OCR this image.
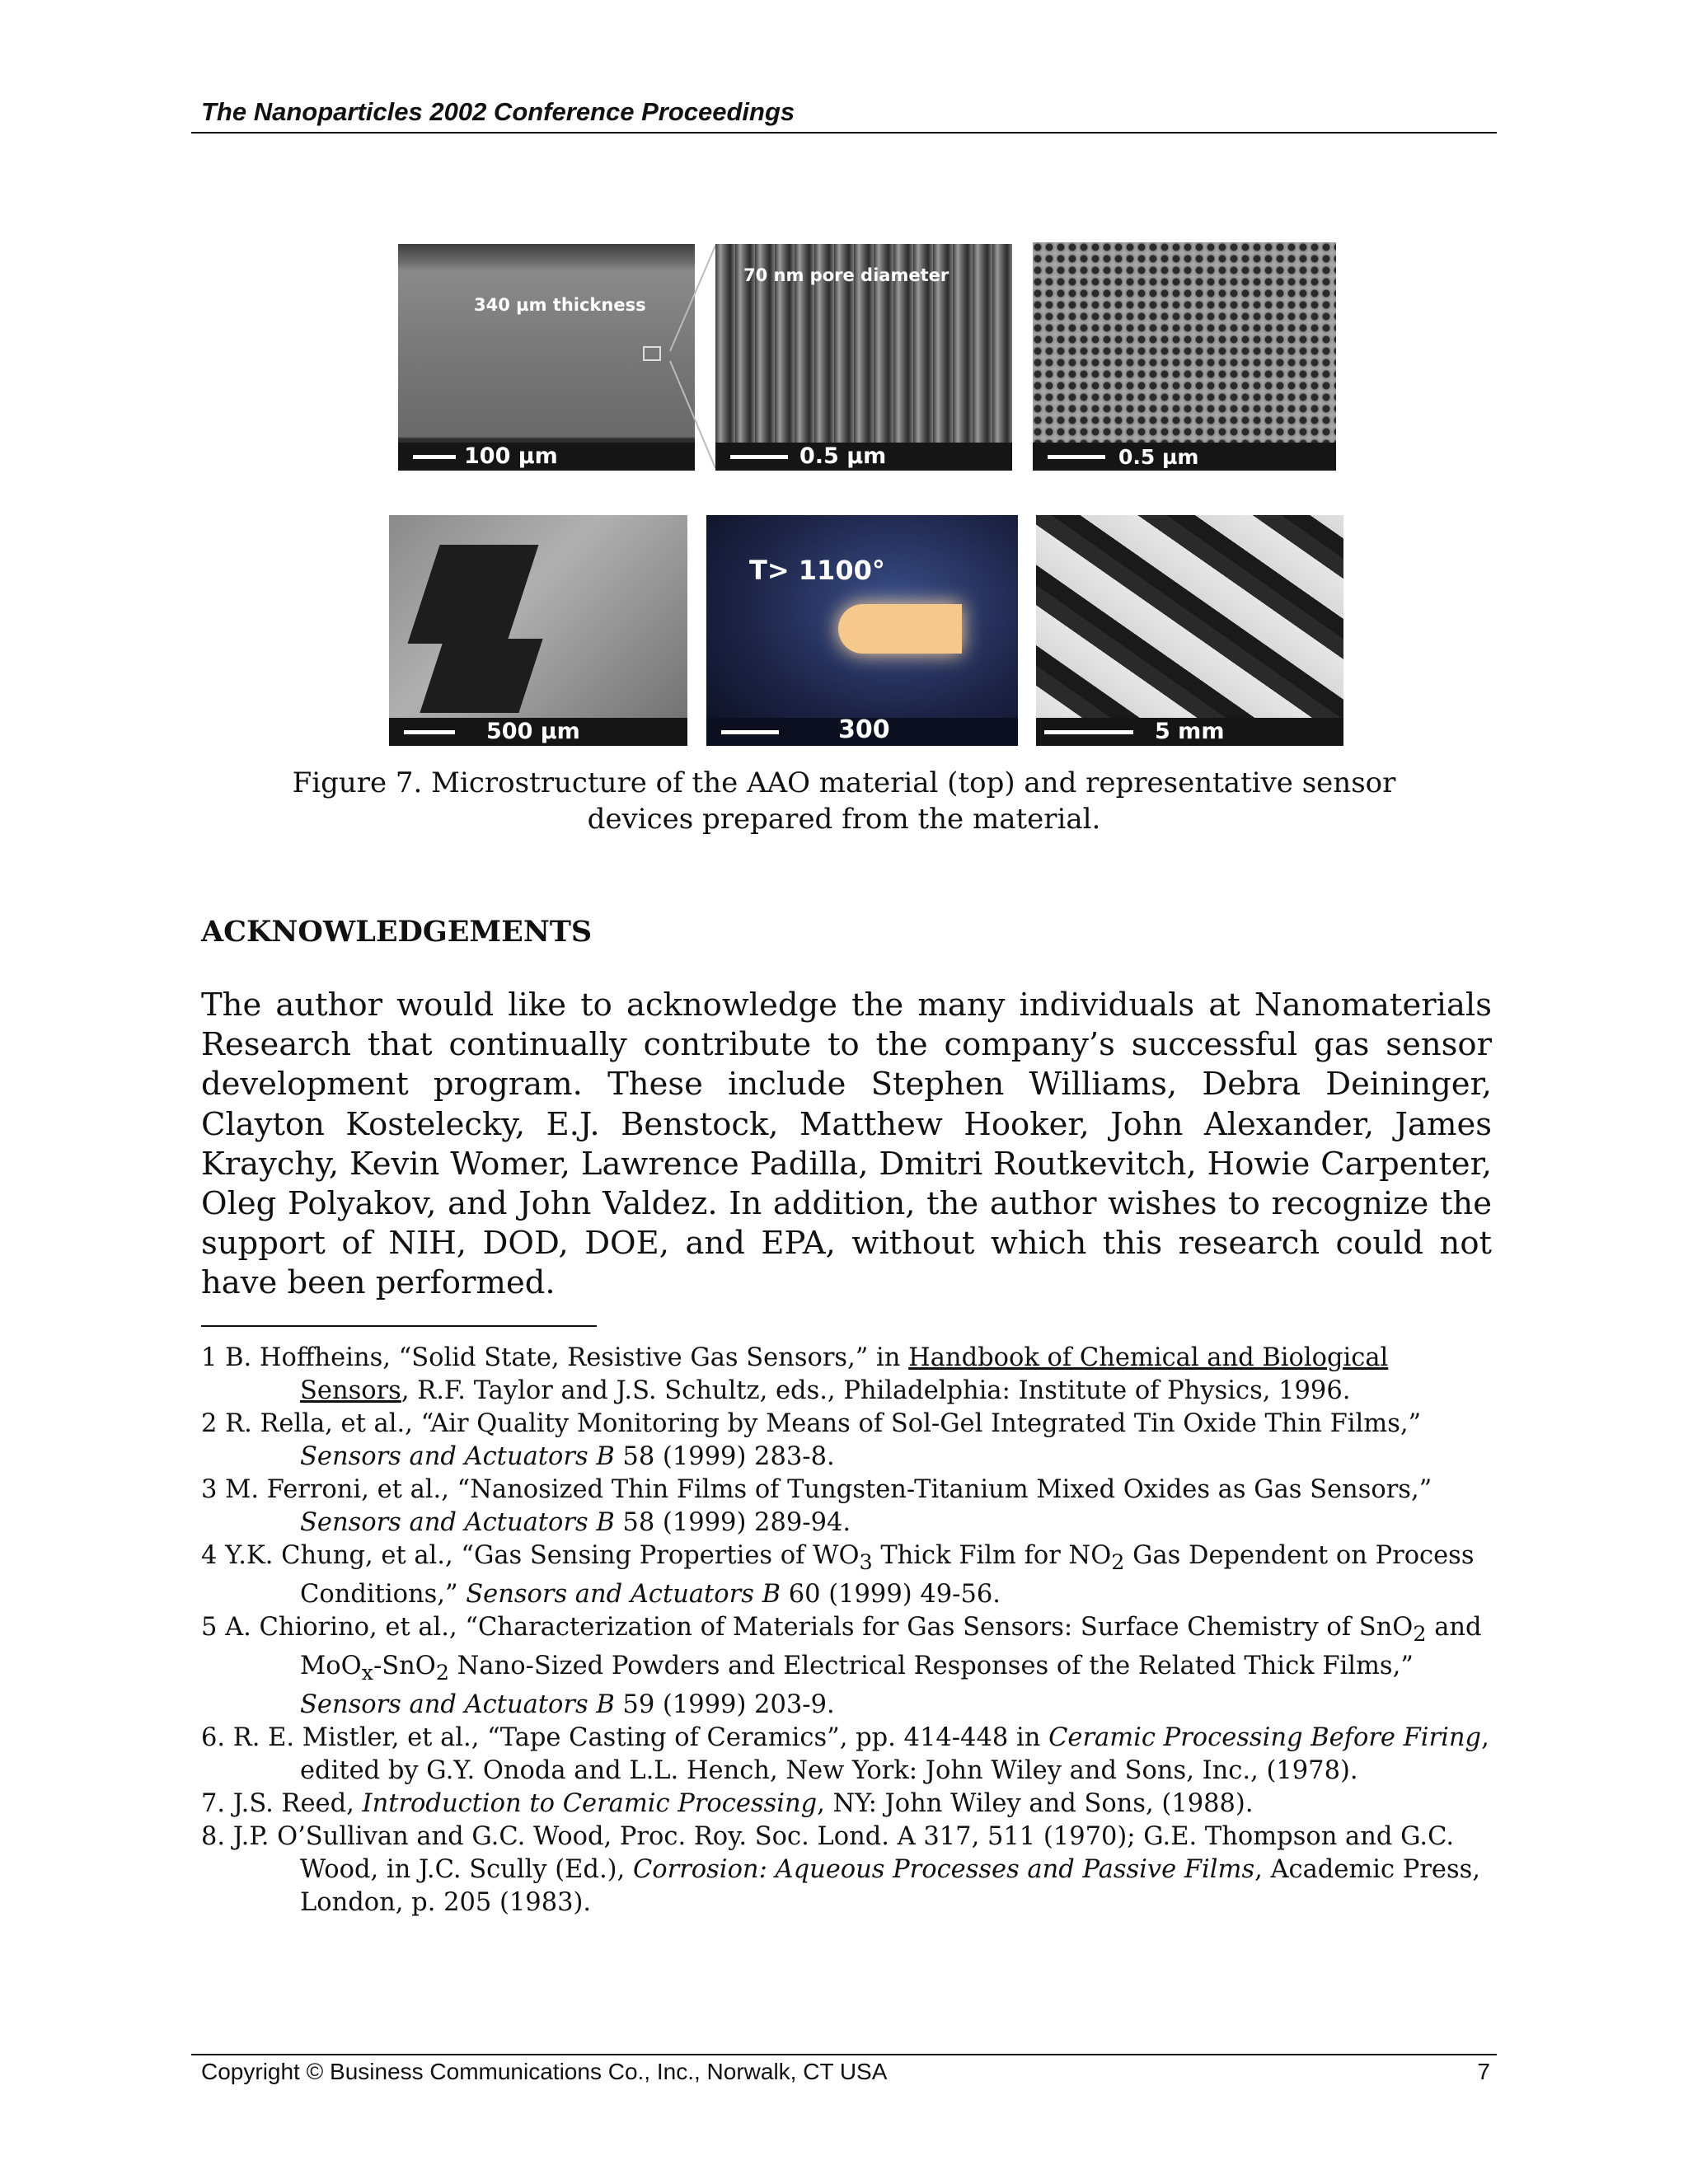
The Nanoparticles 2002 Conference Proceedings
340 µm thickness
100 µm
70 nm pore diameter
0.5 µm	0.5 µm
500 µm
T> 1100°
300	5 mm
Figure 7. Microstructure of the AAO material (top) and representative sensor
devices prepared from the material.
ACKNOWLEDGEMENTS
The author would like to acknowledge the many individuals at Nanomaterials Research that continually contribute to the company’s successful gas sensor development program. These include Stephen Williams, Debra Deininger, Clayton Kostelecky, E.J. Benstock, Matthew Hooker, John Alexander, James Kraychy, Kevin Womer, Lawrence Padilla, Dmitri Routkevitch, Howie Carpenter, Oleg Polyakov, and John Valdez. In addition, the author wishes to recognize the support of NIH, DOD, DOE, and EPA, without which this research could not have been performed.

1 B. Hoffheins, “Solid State, Resistive Gas Sensors,” in Handbook of Chemical and Biological Sensors, R.F. Taylor and J.S. Schultz, eds., Philadelphia: Institute of Physics, 1996.

2 R. Rella, et al., “Air Quality Monitoring by Means of Sol-Gel Integrated Tin Oxide Thin Films,” Sensors and Actuators B 58 (1999) 283-8.

3 M. Ferroni, et al., “Nanosized Thin Films of Tungsten-Titanium Mixed Oxides as Gas Sensors,” Sensors and Actuators B 58 (1999) 289-94.

4 Y.K. Chung, et al., “Gas Sensing Properties of $WO_3$ Thick Film for $NO_2$ Gas Dependent on Process Conditions,” Sensors and Actuators B 60 (1999) 49-56.

5 A. Chiorino, et al., “Characterization of Materials for Gas Sensors: Surface Chemistry of SnO$_2$ and MoO$_x$-SnO$_2$ Nano-Sized Powders and Electrical Responses of the Related Thick Films,” Sensors and Actuators B 59 (1999) 203-9.

6. R. E. Mistler, et al., “Tape Casting of Ceramics”, pp. 414-448 in Ceramic Processing Before Firing, edited by G.Y. Onoda and L.L. Hench, New York: John Wiley and Sons, Inc., (1978).

7. J.S. Reed, Introduction to Ceramic Processing, NY: John Wiley and Sons, (1988).

8. J.P. O’Sullivan and G.C. Wood, Proc. Roy. Soc. Lond. A 317, 511 (1970); G.E. Thompson and G.C. Wood, in J.C. Scully (Ed.), Corrosion: Aqueous Processes and Passive Films, Academic Press, London, p. 205 (1983).

Copyright © Business Communications Co., Inc., Norwalk, CT USA	7
